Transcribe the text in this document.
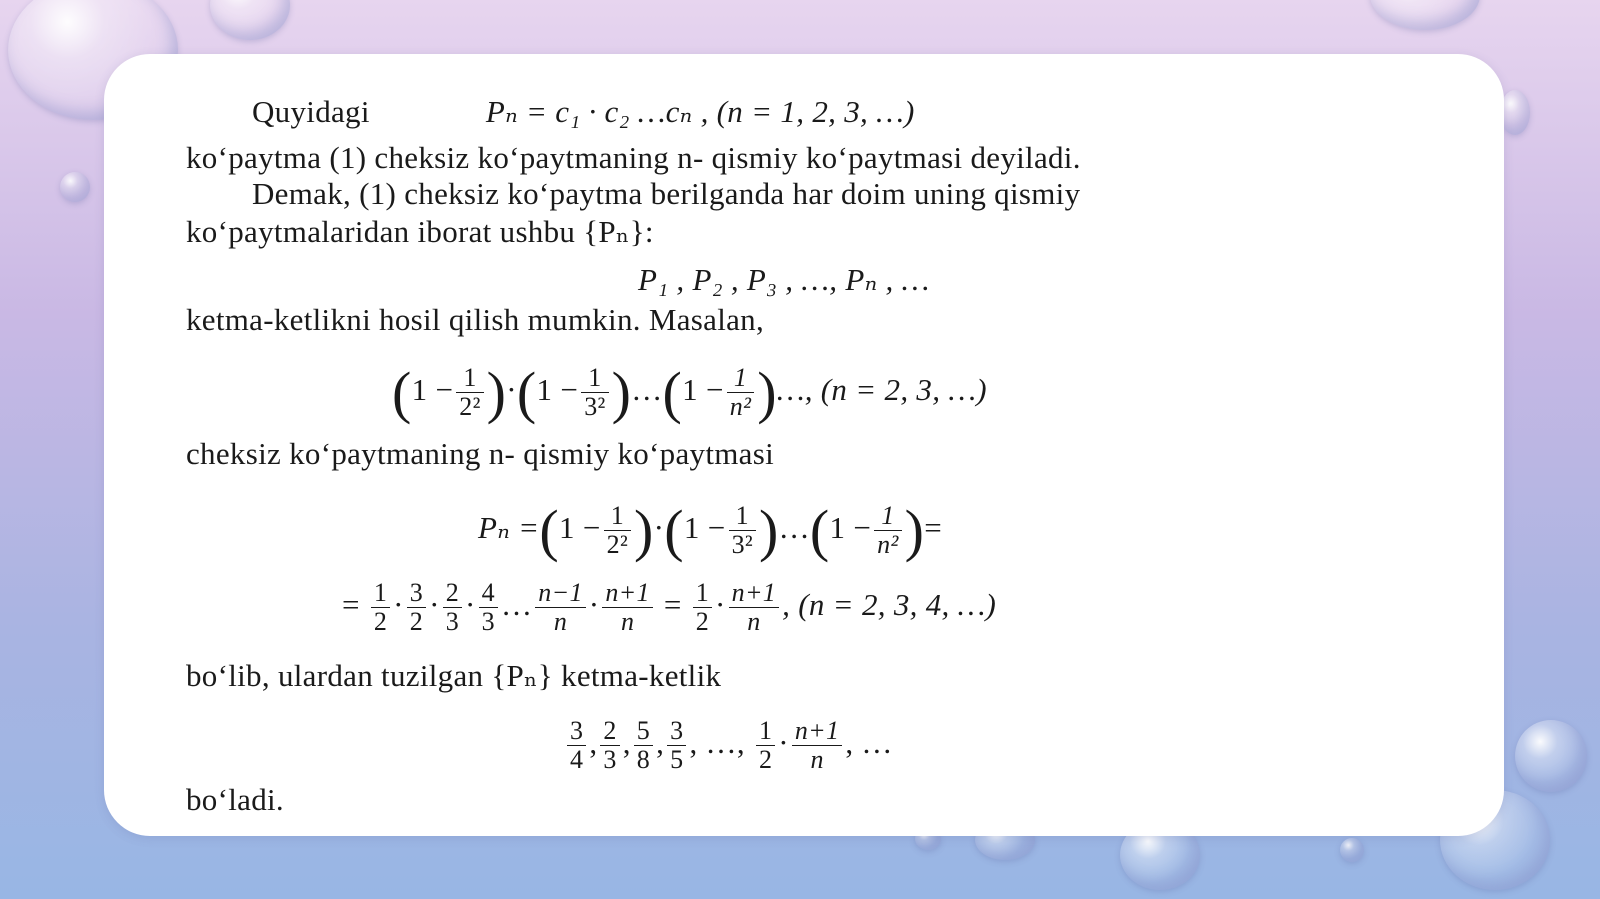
Quyidagi	Pₙ = c₁ · c₂ …cₙ , (n = 1, 2, 3, …)
ko‘paytma (1) cheksiz ko‘paytmaning n- qismiy ko‘paytmasi deyiladi.
Demak, (1) cheksiz ko‘paytma berilganda har doim uning qismiy
ko‘paytmalaridan iborat ushbu {Pₙ}:
P₁ , P₂ , P₃ , …, Pₙ , …
ketma-ketlikni hosil qilish mumkin. Masalan,
$(1 - \frac{1}{\text{2²}} )\cdot(1 - \frac{1}{\text{3²}}$ )…(1 − $\frac{1}{\text{n²}}$ )…, (n = 2, 3, …)
cheksiz ko‘paytmaning n- qismiy ko‘paytmasi
$P_n =(1 - \frac{1}{\text{2²}} )\cdot(1 - \frac{1}{\text{3²}}$ )…(1 − $\frac{1}{\text{n²}}$ )=
= $\frac{1}{2} \cdot \frac{3}{2} \cdot \frac{2}{3} \cdot \frac{4}{3}$ … $\frac{n-1}{n} \cdot \frac{n+1}{n} = \frac{1}{2} \cdot \frac{n+1}{n}$ , (n = 2, 3, 4, …)
bo‘lib, ulardan tuzilgan {Pₙ} ketma-ketlik
$\frac{3}{4}$ , $\frac{2}{3}$ , $\frac{5}{8}$ , $\frac{3}{5}$ , …, $\frac{1}{2} \cdot \frac{n+1}{n}$ , …
bo‘ladi.
